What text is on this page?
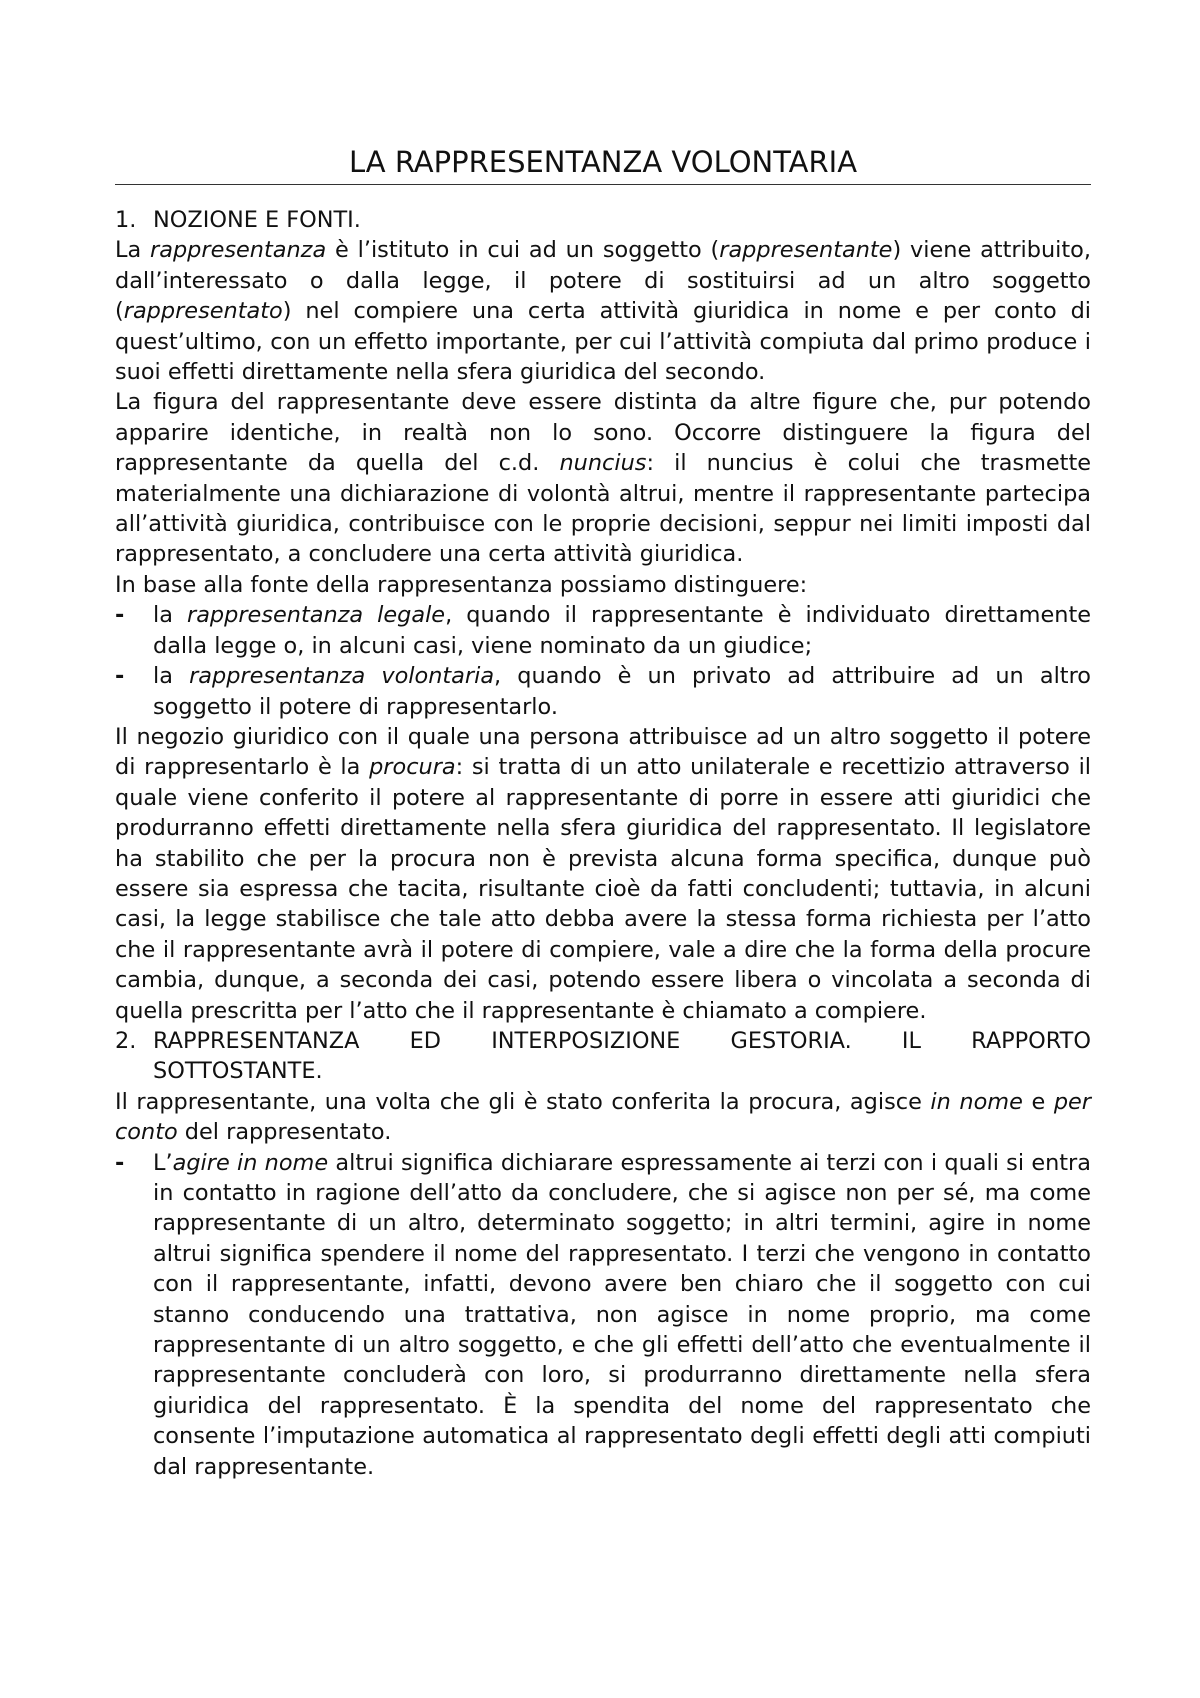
LA RAPPRESENTANZA VOLONTARIA
1. NOZIONE E FONTI.

La rappresentanza è l’istituto in cui ad un soggetto (rappresentante) viene attribuito, dall’interessato o dalla legge, il potere di sostituirsi ad un altro soggetto (rappresentato) nel compiere una certa attività giuridica in nome e per conto di quest’ultimo, con un effetto importante, per cui l’attività compiuta dal primo produce i suoi effetti direttamente nella sfera giuridica del secondo.

La figura del rappresentante deve essere distinta da altre figure che, pur potendo apparire identiche, in realtà non lo sono. Occorre distinguere la figura del rappresentante da quella del c.d. nuncius: il nuncius è colui che trasmette materialmente una dichiarazione di volontà altrui, mentre il rappresentante partecipa all’attività giuridica, contribuisce con le proprie decisioni, seppur nei limiti imposti dal rappresentato, a concludere una certa attività giuridica.

In base alla fonte della rappresentanza possiamo distinguere:

-	la rappresentanza legale, quando il rappresentante è individuato direttamente dalla legge o, in alcuni casi, viene nominato da un giudice;
-	la rappresentanza volontaria, quando è un privato ad attribuire ad un altro soggetto il potere di rappresentarlo.

Il negozio giuridico con il quale una persona attribuisce ad un altro soggetto il potere di rappresentarlo è la procura: si tratta di un atto unilaterale e recettizio attraverso il quale viene conferito il potere al rappresentante di porre in essere atti giuridici che produrranno effetti direttamente nella sfera giuridica del rappresentato. Il legislatore ha stabilito che per la procura non è prevista alcuna forma specifica, dunque può essere sia espressa che tacita, risultante cioè da fatti concludenti; tuttavia, in alcuni casi, la legge stabilisce che tale atto debba avere la stessa forma richiesta per l’atto che il rappresentante avrà il potere di compiere, vale a dire che la forma della procure cambia, dunque, a seconda dei casi, potendo essere libera o vincolata a seconda di quella prescritta per l’atto che il rappresentante è chiamato a compiere.

2. RAPPRESENTANZA ED INTERPOSIZIONE GESTORIA. IL RAPPORTO
SOTTOSTANTE.

Il rappresentante, una volta che gli è stato conferita la procura, agisce in nome e per conto del rappresentato.

-	L’agire in nome altrui significa dichiarare espressamente ai terzi con i quali si entra in contatto in ragione dell’atto da concludere, che si agisce non per sé, ma come rappresentante di un altro, determinato soggetto; in altri termini, agire in nome altrui significa spendere il nome del rappresentato. I terzi che vengono in contatto con il rappresentante, infatti, devono avere ben chiaro che il soggetto con cui stanno conducendo una trattativa, non agisce in nome proprio, ma come rappresentante di un altro soggetto, e che gli effetti dell’atto che eventualmente il rappresentante concluderà con loro, si produrranno direttamente nella sfera giuridica del rappresentato. È la spendita del nome del rappresentato che consente l’imputazione automatica al rappresentato degli effetti degli atti compiuti dal rappresentante.
